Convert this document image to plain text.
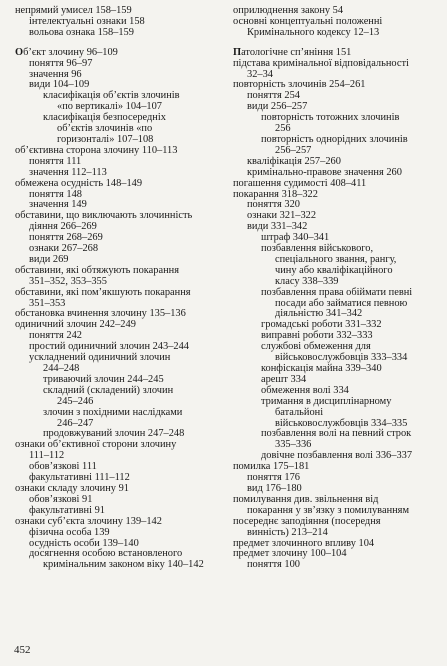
непрямий умисел 158–159
інтелектуальні ознаки 158
вольова ознака 158–159
Об’єкт злочину 96–109
поняття 96–97
значення 96
види 104–109
класифікація об’єктів злочинів
«по вертикалі» 104–107
класифікація безпосередніх
об’єктів злочинів «по
горизонталі» 107–108
об’єктивна сторона злочину 110–113
поняття 111
значення 112–113
обмежена осудність 148–149
поняття 148
значення 149
обставини, що виключають злочинність
діяння 266–269
поняття 268–269
ознаки 267–268
види 269
обставини, які обтяжують покарання
351–352, 353–355
обставини, які пом’якшують покарання
351–353
обстановка вчинення злочину 135–136
одиничний злочин 242–249
поняття 242
простий одиничний злочин 243–244
ускладнений одиничний злочин
244–248
триваючий злочин 244–245
складний (складений) злочин
245–246
злочин з похідними наслідками
246–247
продовжуваний злочин 247–248
ознаки об’єктивної сторони злочину
111–112
обов’язкові 111
факультативні 111–112
ознаки складу злочину 91
обов’язкові 91
факультативні 91
ознаки суб’єкта злочину 139–142
фізична особа 139
осудність особи 139–140
досягнення особою встановленого
кримінальним законом віку 140–142
оприлюднення закону 54
основні концептуальні положенні
Кримінального кодексу 12–13
Патологічне сп’яніння 151
підстава кримінальної відповідальності
32–34
повторність злочинів 254–261
поняття 254
види 256–257
повторність тотожних злочинів
256
повторність однорідних злочинів
256–257
кваліфікація 257–260
кримінально-правове значення 260
погашення судимості 408–411
покарання 318–322
поняття 320
ознаки 321–322
види 331–342
штраф 340–341
позбавлення військового,
спеціального звання, рангу,
чину або кваліфікаційного
класу 338–339
позбавлення права обіймати певні
посади або займатися певною
діяльністю 341–342
громадські роботи 331–332
виправні роботи 332–333
службові обмеження для
військовослужбовців 333–334
конфіскація майна 339–340
арешт 334
обмеження волі 334
тримання в дисциплінарному
батальйоні
військовослужбовців 334–335
позбавлення волі на певний строк
335–336
довічне позбавлення волі 336–337
помилка 175–181
поняття 176
вид 176–180
помилування див. звільнення від
покарання у зв’язку з помилуванням
посереднє заподіяння (посередня
винність) 213–214
предмет злочинного впливу 104
предмет злочину 100–104
поняття 100
452
